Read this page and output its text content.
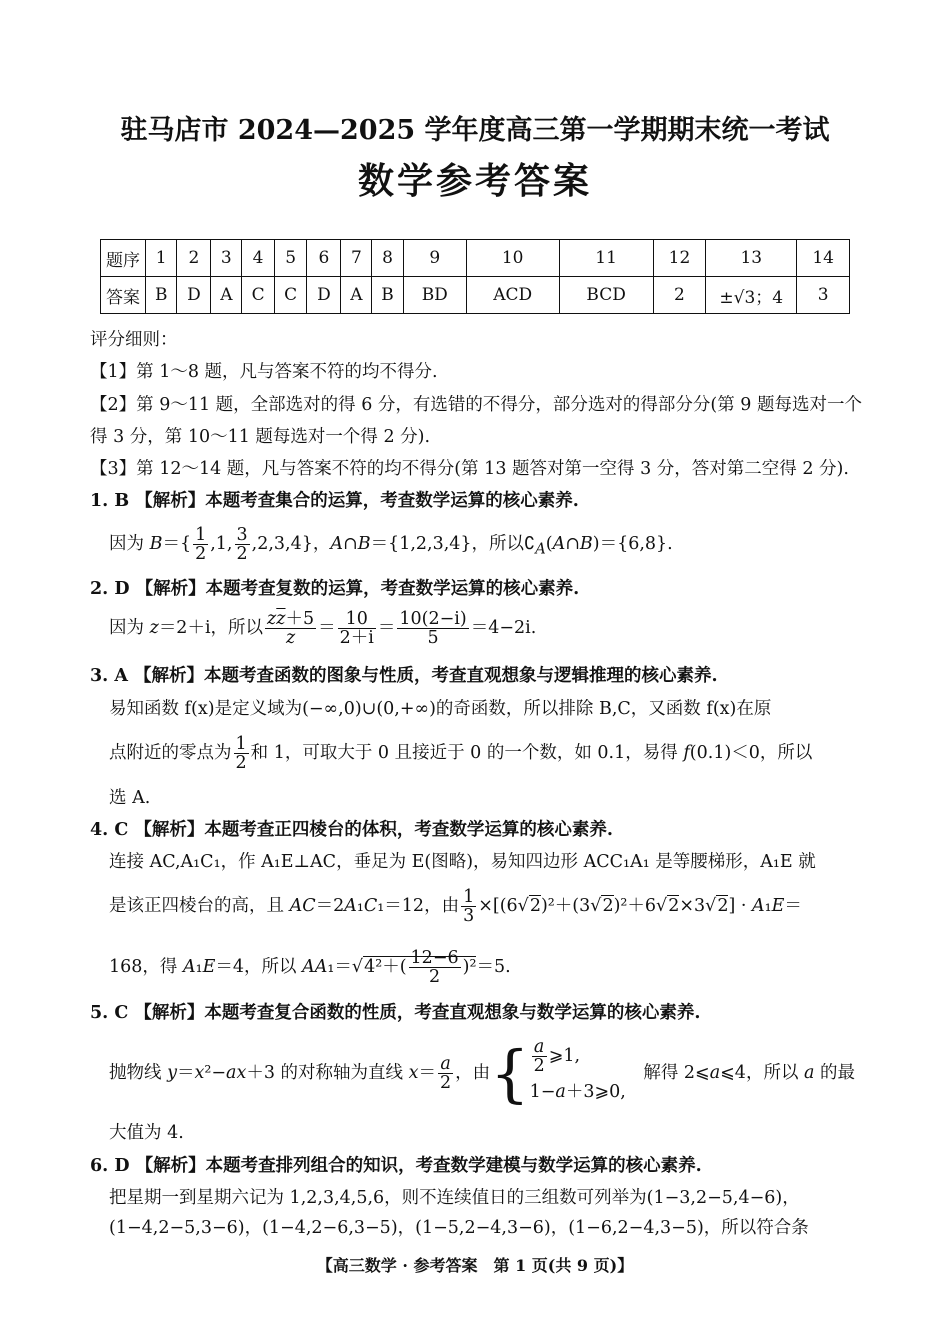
驻马店市 2024—2025 学年度高三第一学期期末统一考试
数学参考答案
题序	1	2	3	4	5	6	7	8	9	10	11	12	13	14
答案	B	D	A	C	C	D	A	B	BD	ACD	BCD	2	±√3；4	3
评分细则：
【1】第 1～8 题，凡与答案不符的均不得分.
【2】第 9～11 题，全部选对的得 6 分，有选错的不得分，部分选对的得部分分(第 9 题每选对一个
得 3 分，第 10～11 题每选对一个得 2 分).
【3】第 12～14 题，凡与答案不符的均不得分(第 13 题答对第一空得 3 分，答对第二空得 2 分).
1. B 【解析】本题考查集合的运算，考查数学运算的核心素养.
因为 $B=\{ \frac{1}{2} ,1$, $\frac{3}{2} ,2,3,4$}，A∩B＝{1,2,3,4}，所以$∁_A(A\cap B)=\{6,8\}$.
2. D 【解析】本题考查复数的运算，考查数学运算的核心素养.
因为 z＝2＋i，所以 $\frac{z\overline{z}+5}{z} = \frac{10}{2+i} = \frac{10(2-i)}{5} =4-2i$.
3. A 【解析】本题考查函数的图象与性质，考查直观想象与逻辑推理的核心素养.
易知函数 f(x)是定义域为(−∞,0)∪(0,+∞)的奇函数，所以排除 B,C，又函数 f(x)在原
点附近的零点为 $\frac{1}{2}$ 和 1，可取大于 0 且接近于 0 的一个数，如 0.1，易得 f(0.1)＜0，所以
选 A.
4. C 【解析】本题考查正四棱台的体积，考查数学运算的核心素养.
连接 AC,A₁C₁，作 A₁E⊥AC，垂足为 E(图略)，易知四边形 ACC₁A₁ 是等腰梯形，A₁E 就
是该正四棱台的高，且 AC＝2A₁C₁＝12，由 $\frac{1}{3} \times[(6√2)^2+(3√2)^2+6√2\times 3√2] \cdot A_1E=$
168，得 A₁E＝4，所以 $AA_1=√4^2+( \frac{12-6}{2} )^2=5$.
5. C 【解析】本题考查复合函数的性质，考查直观想象与数学运算的核心素养.
抛物线 y＝x²−ax＋3 的对称轴为直线 $x= \frac{a}{2}$ ，由{ $\frac{a}{2}$ ⩾1,
1−a＋3⩾0,　解得 2⩽a⩽4，所以 a 的最
大值为 4.
6. D 【解析】本题考查排列组合的知识，考查数学建模与数学运算的核心素养.
把星期一到星期六记为 1,2,3,4,5,6，则不连续值日的三组数可列举为(1−3,2−5,4−6)，
(1−4,2−5,3−6)，(1−4,2−6,3−5)，(1−5,2−4,3−6)，(1−6,2−4,3−5)，所以符合条
【高三数学 · 参考答案　第 1 页(共 9 页)】
